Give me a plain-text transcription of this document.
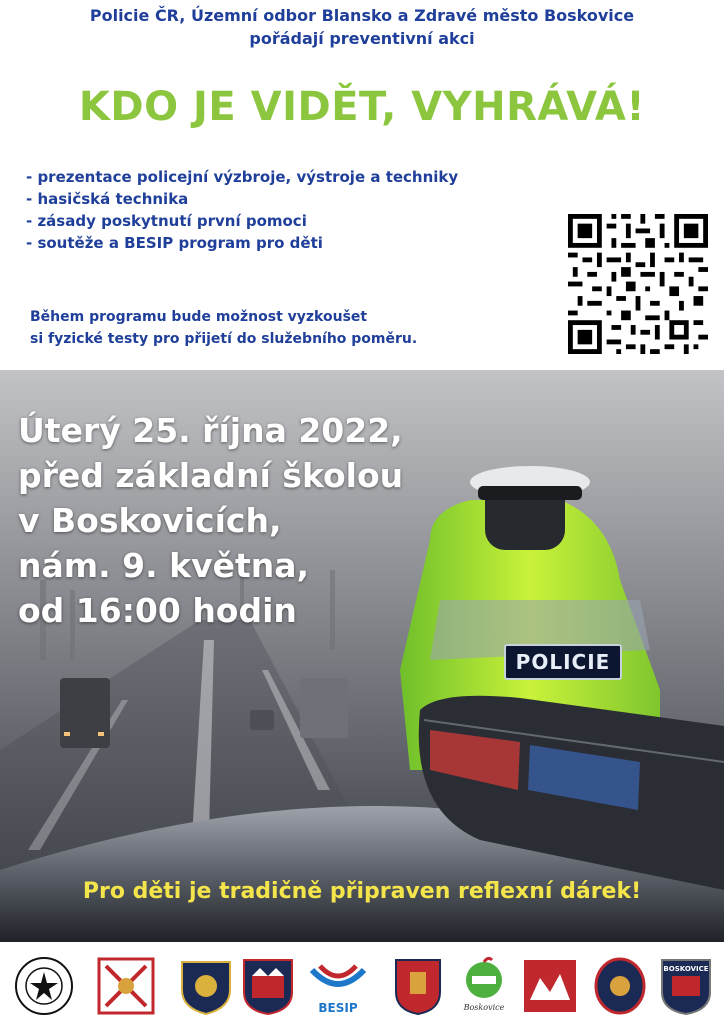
Policie ČR, Územní odbor Blansko a Zdravé město Boskovice
pořádají preventivní akci
KDO JE VIDĚT, VYHRÁVÁ!
- prezentace policejní výzbroje, výstroje a techniky
- hasičská technika
- zásady poskytnutí první pomoci
- soutěže a BESIP program pro děti
Během programu bude možnost vyzkoušet
si fyzické testy pro přijetí do služebního poměru.
Úterý 25. října 2022,
před základní školou
v Boskovicích,
nám. 9. května,
od 16:00 hodin
POLICIE
Pro děti je tradičně připraven reflexní dárek!
BESIP	Boskovice
BOSKOVICE
